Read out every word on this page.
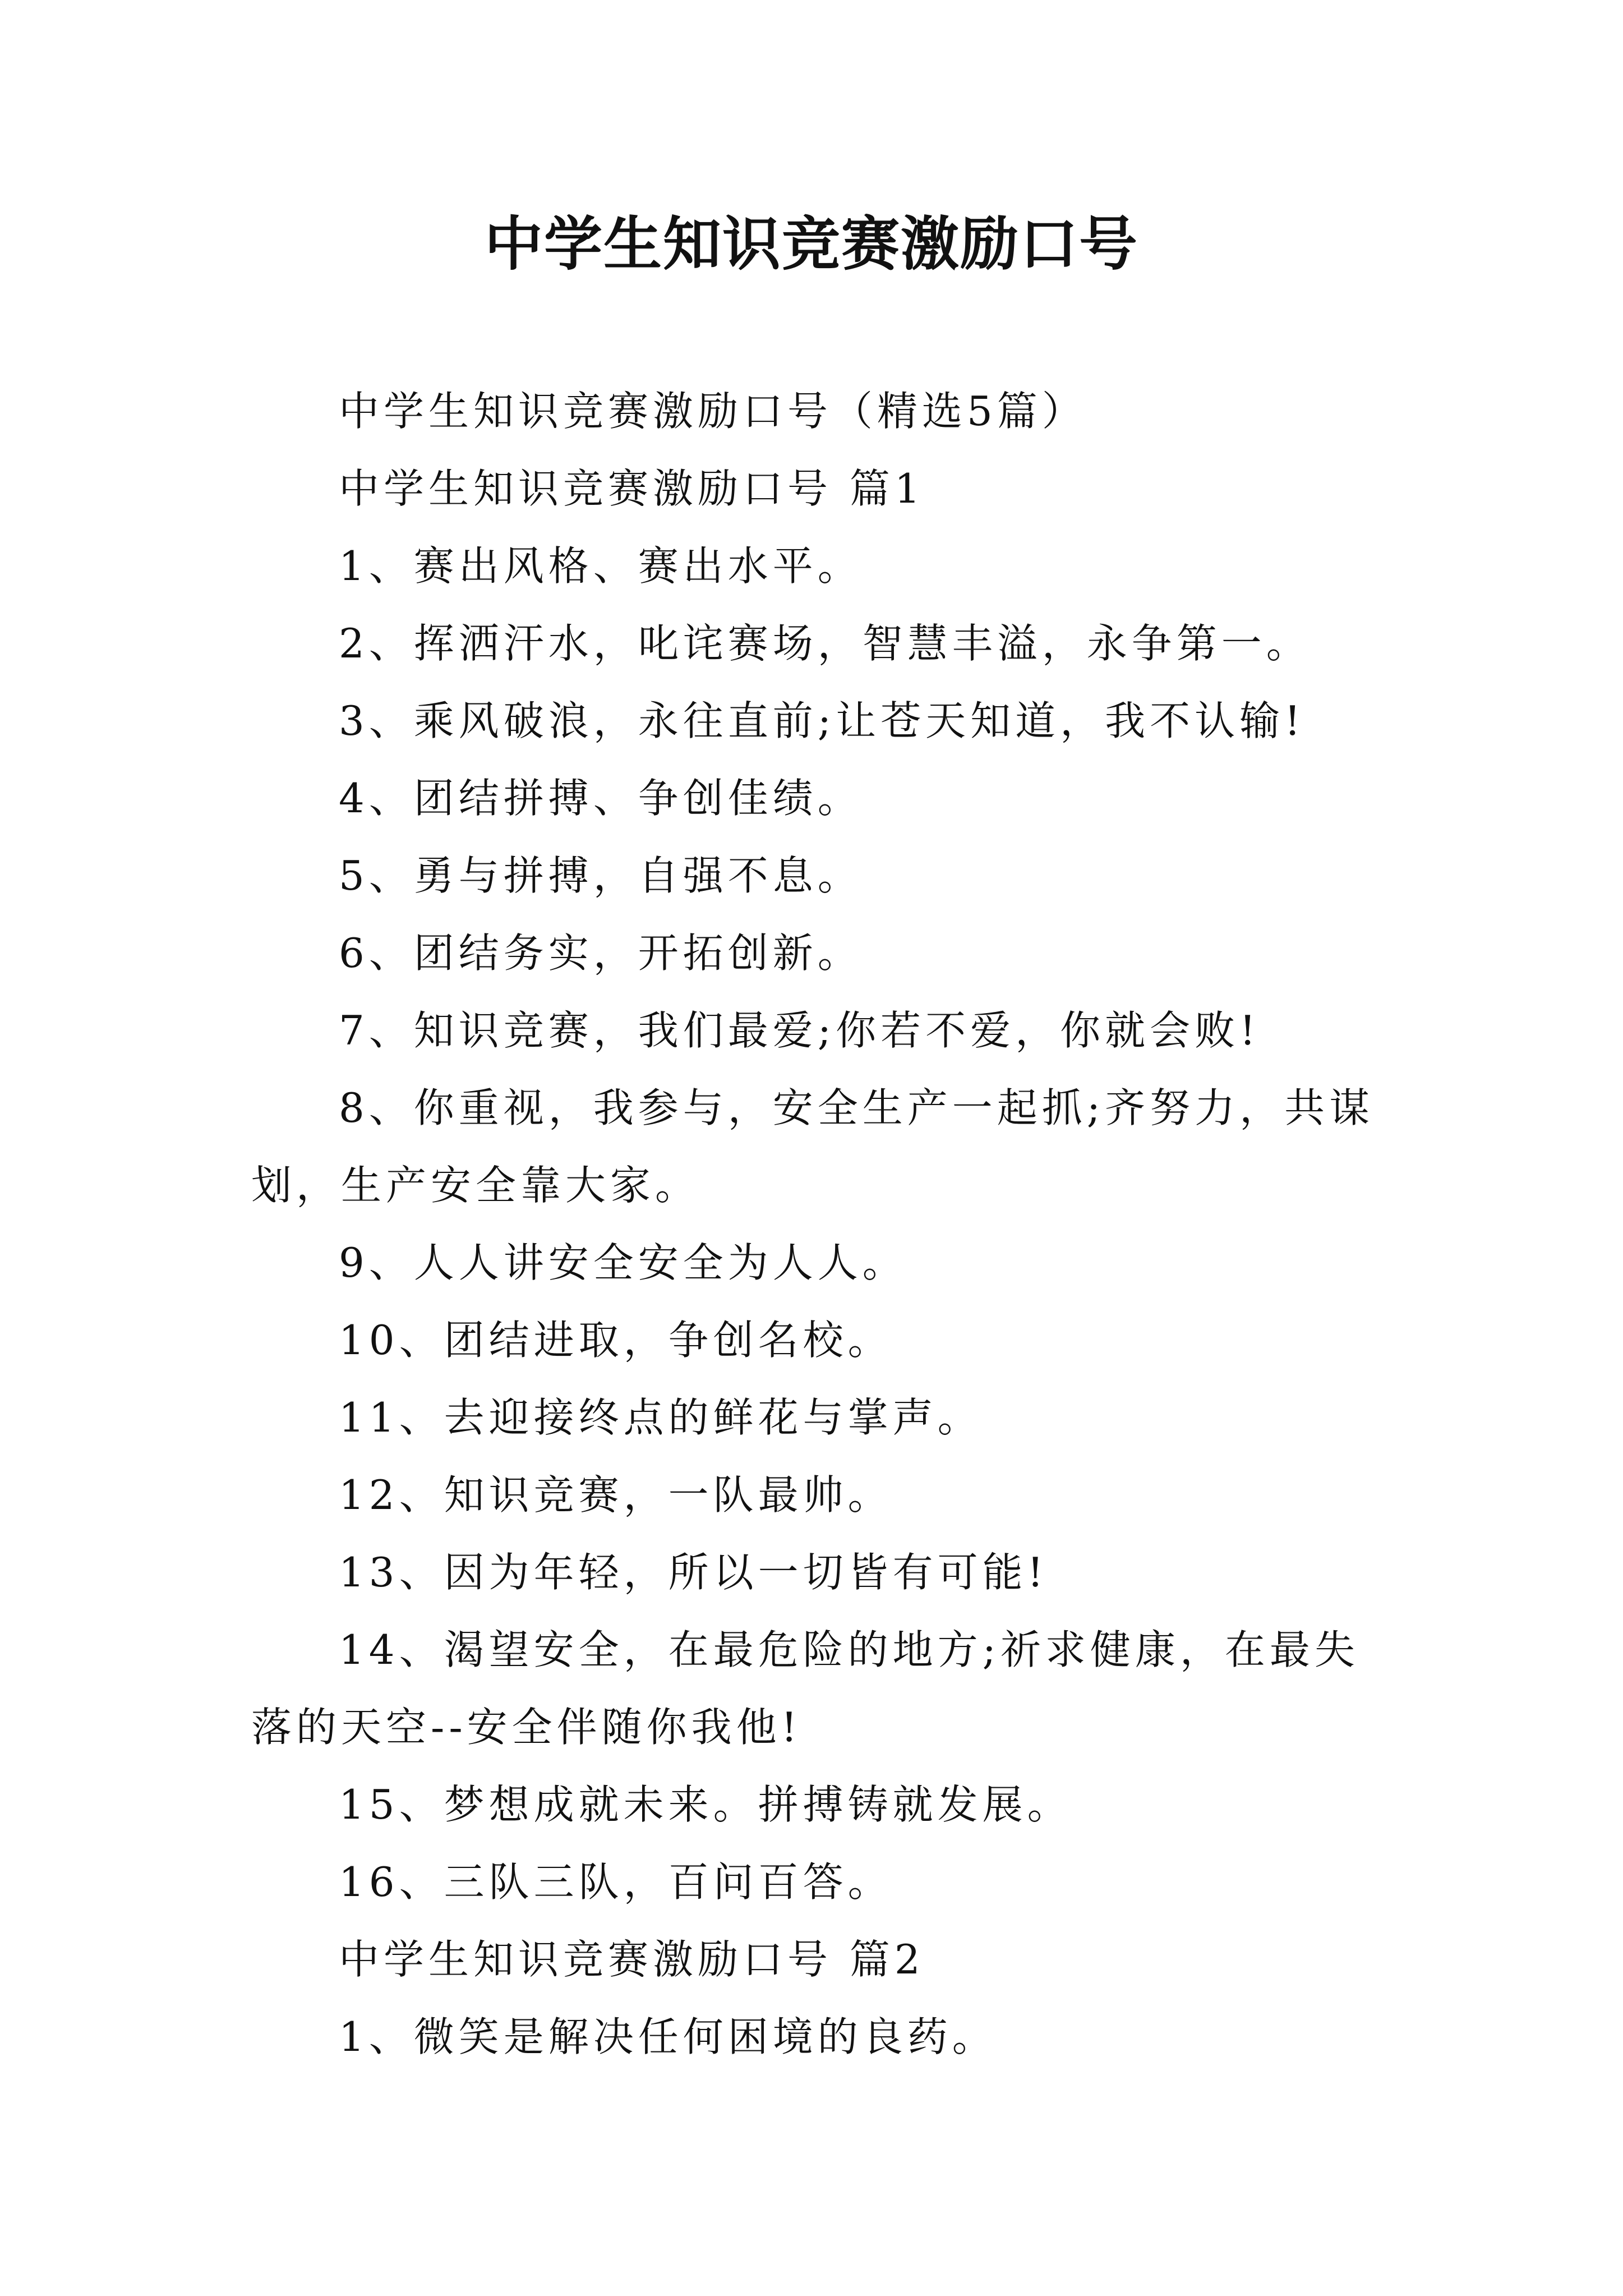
中学生知识竞赛激励口号
中学生知识竞赛激励口号（精选5篇）
中学生知识竞赛激励口号 篇1
1、赛出风格、赛出水平。
2、挥洒汗水，叱诧赛场，智慧丰溢，永争第一。
3、乘风破浪，永往直前;让苍天知道，我不认输!
4、团结拼搏、争创佳绩。
5、勇与拼搏，自强不息。
6、团结务实，开拓创新。
7、知识竞赛，我们最爱;你若不爱，你就会败!
8、你重视，我参与，安全生产一起抓;齐努力，共谋划，生产安全靠大家。
9、人人讲安全安全为人人。
10、团结进取，争创名校。
11、去迎接终点的鲜花与掌声。
12、知识竞赛，一队最帅。
13、因为年轻，所以一切皆有可能!
14、渴望安全，在最危险的地方;祈求健康，在最失落的天空--安全伴随你我他!
15、梦想成就未来。拼搏铸就发展。
16、三队三队，百问百答。
中学生知识竞赛激励口号 篇2
1、微笑是解决任何困境的良药。
